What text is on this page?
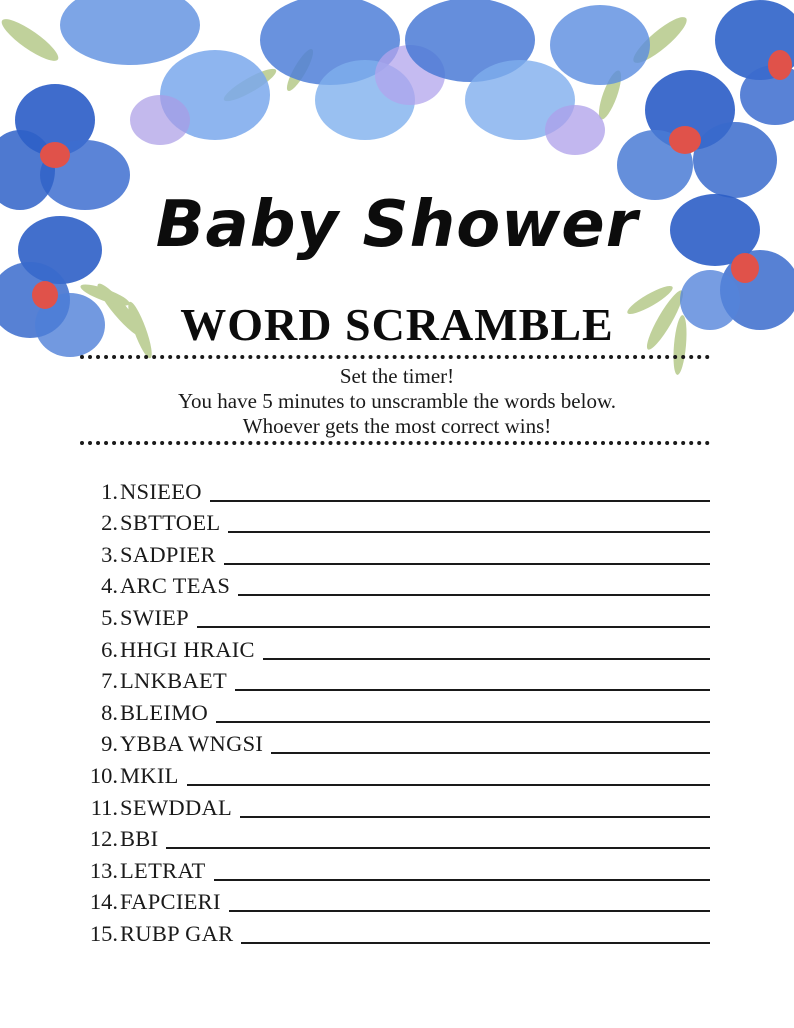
Baby Shower
WORD SCRAMBLE
Set the timer!
You have 5 minutes to unscramble the words below.
Whoever gets the most correct wins!
1. NSIEEO
2. SBTTOEL
3. SADPIER
4. ARC TEAS
5. SWIEP
6. HHGI HRAIC
7. LNKBAET
8. BLEIMO
9. YBBA WNGSI
10. MKIL
11. SEWDDAL
12. BBI
13. LETRAT
14. FAPCIERI
15. RUBP GAR
